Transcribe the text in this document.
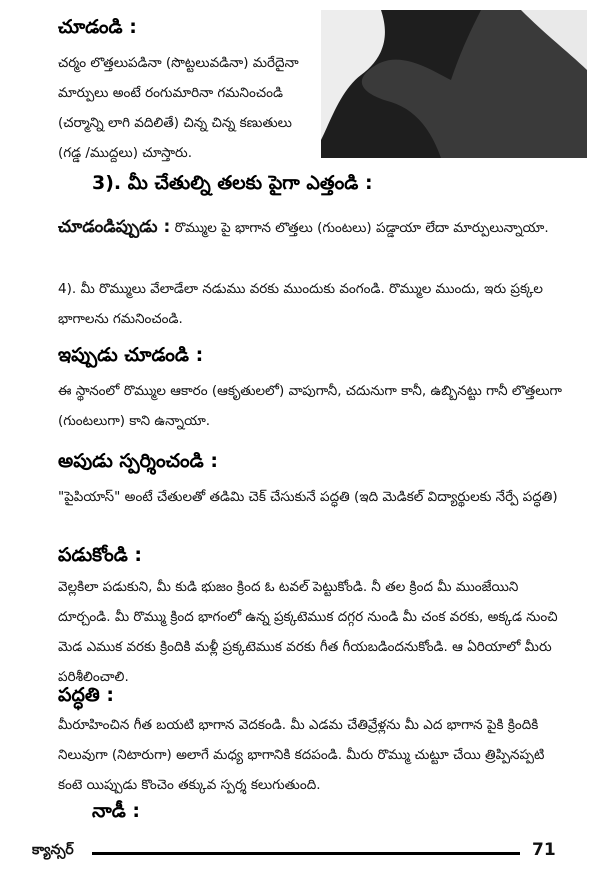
చూడండి :
చర్మం లొత్తలుపడినా (సొట్టలువడినా) మరేదైనా మార్పులు అంటే రంగుమారినా గమనించండి (చర్మాన్ని లాగి వదిలితే) చిన్న చిన్న కణుతులు (గడ్డ /ముద్దలు) చూస్తారు.
3). మీ చేతుల్ని తలకు పైగా ఎత్తండి :
చూడండిప్పుడు : రొమ్ముల పై భాగాన లొత్తలు (గుంటలు) పడ్డాయా లేదా మార్పులున్నాయా.
4). మీ రొమ్ములు వేలాడేలా నడుము వరకు ముందుకు వంగండి. రొమ్ముల ముందు, ఇరు ప్రక్కల భాగాలను గమనించండి.
ఇప్పుడు చూడండి :
ఈ స్థానంలో రొమ్ముల ఆకారం (ఆకృతులలో) వాపుగానీ, చదునుగా కానీ, ఉబ్బినట్టు గానీ లొత్తలుగా (గుంటలుగా) కాని ఉన్నాయా.
అపుడు స్పర్శించండి :
"పైపియాస్" అంటే చేతులతో తడిమి చెక్ చేసుకునే పద్ధతి (ఇది మెడికల్ విద్యార్థులకు నేర్పే పద్ధతి)
పడుకోండి :
వెల్లకిలా పడుకుని, మీ కుడి భుజం క్రింద ఓ టవల్ పెట్టుకోండి. నీ తల క్రింద మీ ముంజేయిని దూర్చండి. మీ రొమ్ము క్రింద భాగంలో ఉన్న ప్రక్కటెముక దగ్గర నుండి మీ చంక వరకు, అక్కడ నుంచి మెడ ఎముక వరకు క్రిందికి మళ్లీ ప్రక్కటెముక వరకు గీత గీయబడిందనుకోండి. ఆ ఏరియాలో మీరు పరిశీలించాలి.
పద్ధతి :
మీరూహించిన గీత బయటి భాగాన వెదకండి. మీ ఎడమ చేతివ్రేళ్లను మీ ఎద భాగాన పైకి క్రిందికి నిలువుగా (నిటారుగా) అలాగే మధ్య భాగానికి కదపండి. మీరు రొమ్ము చుట్టూ చేయి త్రిప్పినప్పటి కంటె యిప్పుడు కొంచెం తక్కువ స్పర్శ కలుగుతుంది.
నాడీ :
క్యాన్సర్	71
